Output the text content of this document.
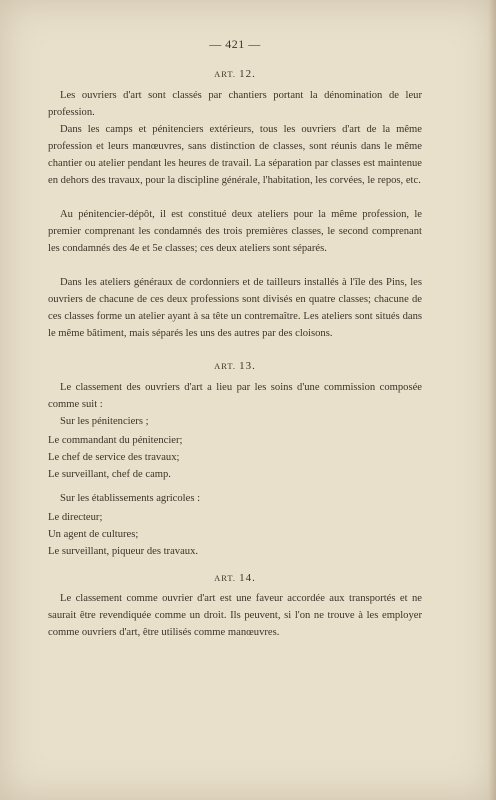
— 421 —
ART. 12.
Les ouvriers d'art sont classés par chantiers portant la dénomination de leur profession.
Dans les camps et pénitenciers extérieurs, tous les ouvriers d'art de la même profession et leurs manœuvres, sans distinction de classes, sont réunis dans le même chantier ou atelier pendant les heures de travail. La séparation par classes est maintenue en dehors des travaux, pour la discipline générale, l'habitation, les corvées, le repos, etc.
Au pénitencier-dépôt, il est constitué deux ateliers pour la même profession, le premier comprenant les condamnés des trois premières classes, le second comprenant les condamnés des 4e et 5e classes; ces deux ateliers sont séparés.
Dans les ateliers généraux de cordonniers et de tailleurs installés à l'île des Pins, les ouvriers de chacune de ces deux professions sont divisés en quatre classes; chacune de ces classes forme un atelier ayant à sa tête un contremaître. Les ateliers sont situés dans le même bâtiment, mais séparés les uns des autres par des cloisons.
ART. 13.
Le classement des ouvriers d'art a lieu par les soins d'une commission composée comme suit :
Sur les pénitenciers ;
Le commandant du pénitencier;
Le chef de service des travaux;
Le surveillant, chef de camp.
Sur les établissements agricoles :
Le directeur;
Un agent de cultures;
Le surveillant, piqueur des travaux.
ART. 14.
Le classement comme ouvrier d'art est une faveur accordée aux transportés et ne saurait être revendiquée comme un droit. Ils peuvent, si l'on ne trouve à les employer comme ouvriers d'art, être utilisés comme manœuvres.
